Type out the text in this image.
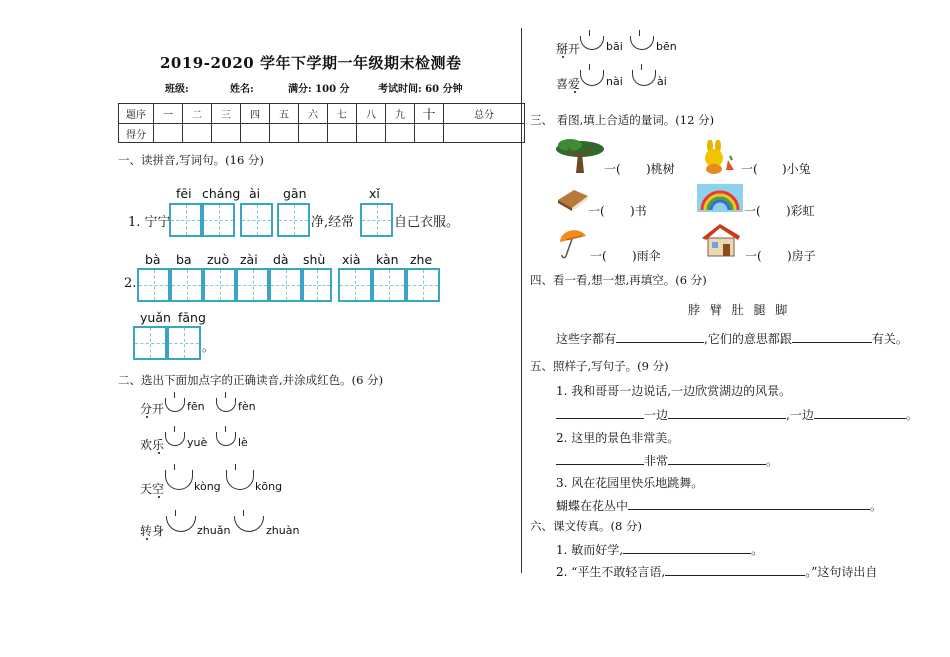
2019-2020 学年下学期一年级期末检测卷
班级:	姓名:	满分: 100 分	考试时间: 60 分钟
题序	一	二	三	四	五	六	七	八	九	十	总分
得分											
一、读拼音,写词句。(16 分)
fēi cháng ài gān	xǐ
1. 宁宁	净,经常	自己衣服。
bà ba zuò zài dà shù xià kàn zhe
2.
yuǎn fāng
。
二、选出下面加点字的正确读音,并涂成红色。(6 分)
分开 fēn	fèn
欢乐 yuè	lè
天空	kòng	kōng
转身	zhuǎn	zhuàn
掰开 bāi	bēn
喜爱 nài	ài
三、 看图,填上合适的量词。(12 分)
一( )桃树	一( )小兔
一( )书	一( )彩虹
一( )雨伞	一( )房子
四、看一看,想一想,再填空。(6 分)
脖 臂 肚 腿 脚
这些字都有	,它们的意思都跟	有关。
五、照样子,写句子。(9 分)
1. 我和哥哥一边说话,一边欣赏湖边的风景。
一边	,一边	。
2. 这里的景色非常美。
非常	。
3. 风在花园里快乐地跳舞。
蝴蝶在花丛中	。
六、课文传真。(8 分)
1. 敏而好学,	。
2. “平生不敢轻言语,	。”这句诗出自
